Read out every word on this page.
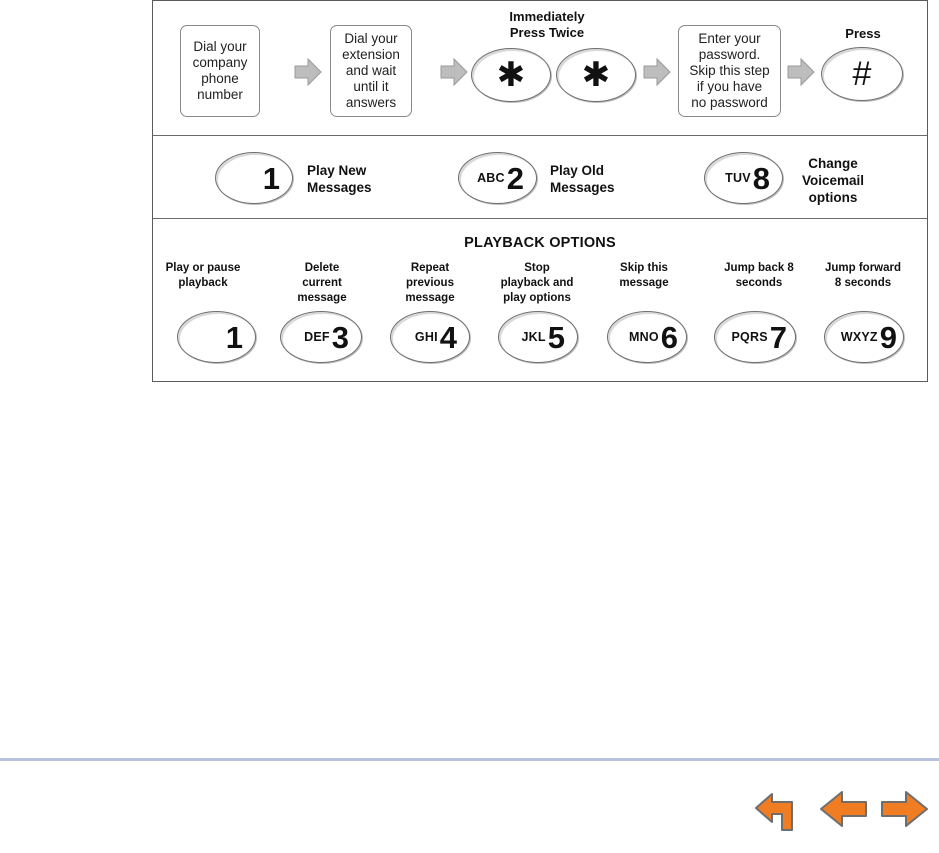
Dial your
company
phone
number
Dial your
extension
and wait
until it
answers
Immediately
Press Twice
✱ ✱
Enter your
password.
Skip this step
if you have
no password
Press
#
1 Play New
Messages
ABC 2 Play Old
Messages
TUV 8	Change
Voicemail
options
PLAYBACK OPTIONS
Play or pause
playback
1
Delete
current
message
DEF 3
Repeat
previous
message
GHI 4
Stop
playback and
play options
JKL 5
Skip this
message
MNO 6
Jump back 8
seconds
PQRS 7
Jump forward
8 seconds
WXYZ 9
